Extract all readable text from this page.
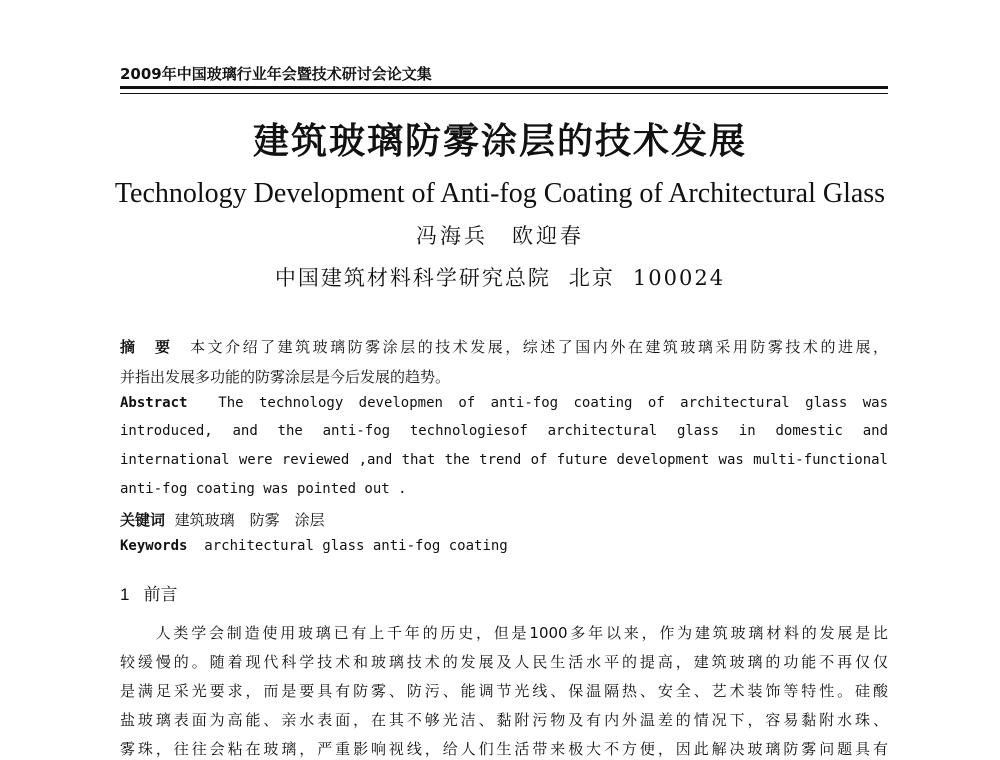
2009年中国玻璃行业年会暨技术研讨会论文集
建筑玻璃防雾涂层的技术发展
Technology Development of Anti-fog Coating of Architectural Glass
冯海兵　欧迎春
中国建筑材料科学研究总院 北京 100024
摘　要　 本文介绍了建筑玻璃防雾涂层的技术发展，综述了国内外在建筑玻璃采用防雾技术的进展，
并指出发展多功能的防雾涂层是今后发展的趋势。
Abstract The technology developmen of anti-fog coating of architectural glass was
introduced, and the anti-fog technologiesof architectural glass in domestic and
international were reviewed ,and that the trend of future development was multi-functional
anti-fog coating was pointed out .
关键词 建筑玻璃　防雾　涂层
Keywords architectural glass anti-fog coating
1 前言
　　人类学会制造使用玻璃已有上千年的历史，但是1000多年以来，作为建筑玻璃材料的发展是比
较缓慢的。随着现代科学技术和玻璃技术的发展及人民生活水平的提高，建筑玻璃的功能不再仅仅
是满足采光要求，而是要具有防雾、防污、能调节光线、保温隔热、安全、艺术装饰等特性。硅酸
盐玻璃表面为高能、亲水表面，在其不够光洁、黏附污物及有内外温差的情况下，容易黏附水珠、
雾珠，往往会粘在玻璃，严重影响视线，给人们生活带来极大不方便，因此解决玻璃防雾问题具有
